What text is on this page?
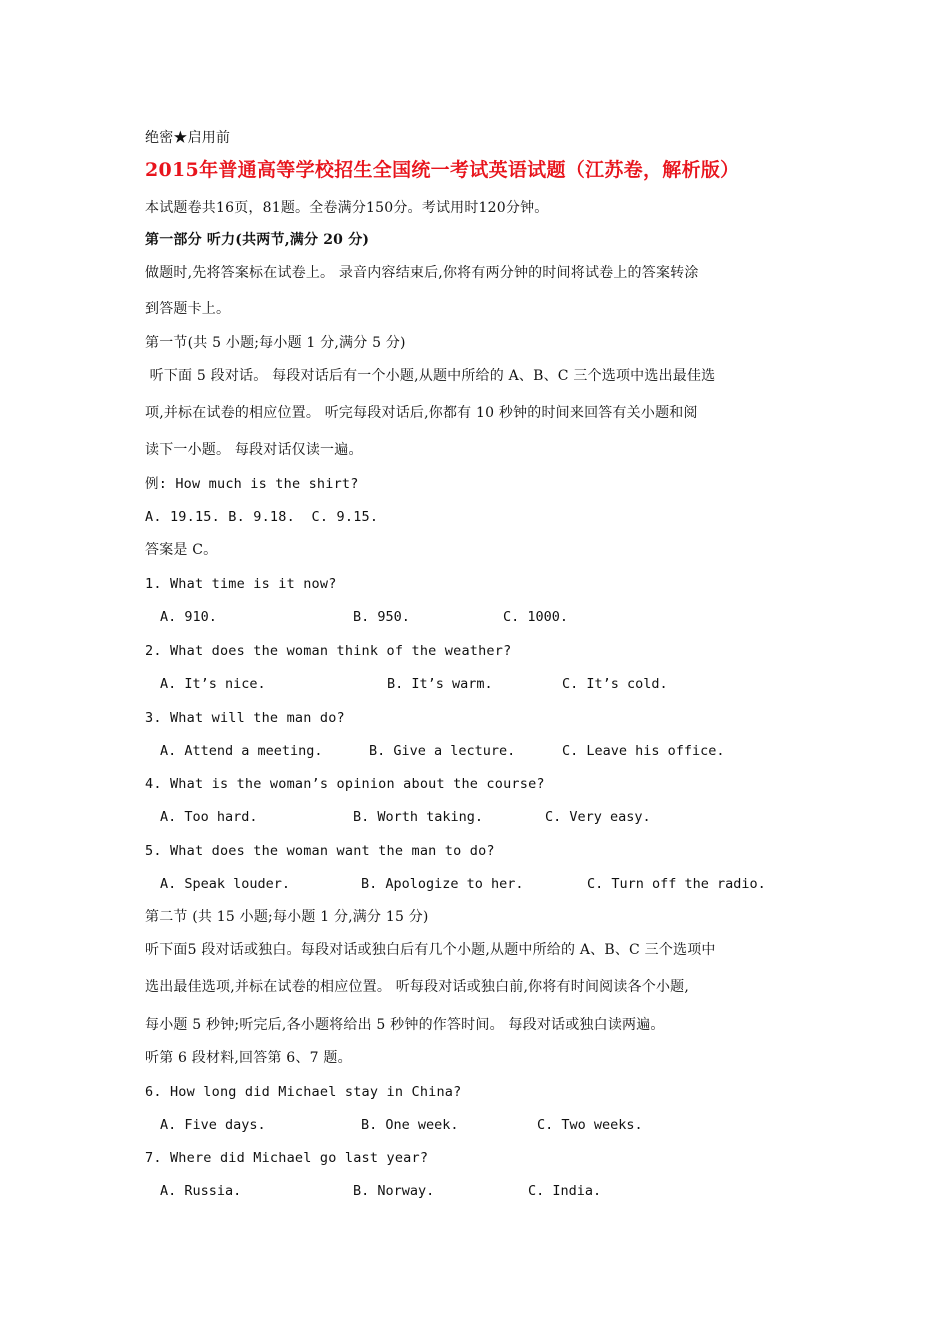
绝密★启用前
2015年普通高等学校招生全国统一考试英语试题（江苏卷，解析版）
本试题卷共16页，81题。全卷满分150分。考试用时120分钟。
第一部分 听力(共两节,满分 20 分)
做题时,先将答案标在试卷上。 录音内容结束后,你将有两分钟的时间将试卷上的答案转涂
到答题卡上。
第一节(共 5 小题;每小题 1 分,满分 5 分)
听下面 5 段对话。 每段对话后有一个小题,从题中所给的 A、B、C 三个选项中选出最佳选
项,并标在试卷的相应位置。 听完每段对话后,你都有 10 秒钟的时间来回答有关小题和阅
读下一小题。 每段对话仅读一遍。
例: How much is the shirt?
A. 19.15. B. 9.18.  C. 9.15.
答案是 C。
1. What time is it now?
A. 910.	B. 950.	C. 1000.
2. What does the woman think of the weather?
A. It’s nice.	B. It’s warm.	C. It’s cold.
3. What will the man do?
A. Attend a meeting.	B. Give a lecture.	C. Leave his office.
4. What is the woman’s opinion about the course?
A. Too hard.	B. Worth taking.	C. Very easy.
5. What does the woman want the man to do?
A. Speak louder.	B. Apologize to her.	C. Turn off the radio.
第二节 (共 15 小题;每小题 1 分,满分 15 分)
听下面5 段对话或独白。每段对话或独白后有几个小题,从题中所给的 A、B、C 三个选项中
选出最佳选项,并标在试卷的相应位置。 听每段对话或独白前,你将有时间阅读各个小题,
每小题 5 秒钟;听完后,各小题将给出 5 秒钟的作答时间。 每段对话或独白读两遍。
听第 6 段材料,回答第 6、7 题。
6. How long did Michael stay in China?
A. Five days.	B. One week.	C. Two weeks.
7. Where did Michael go last year?
A. Russia.	B. Norway.	C. India.
